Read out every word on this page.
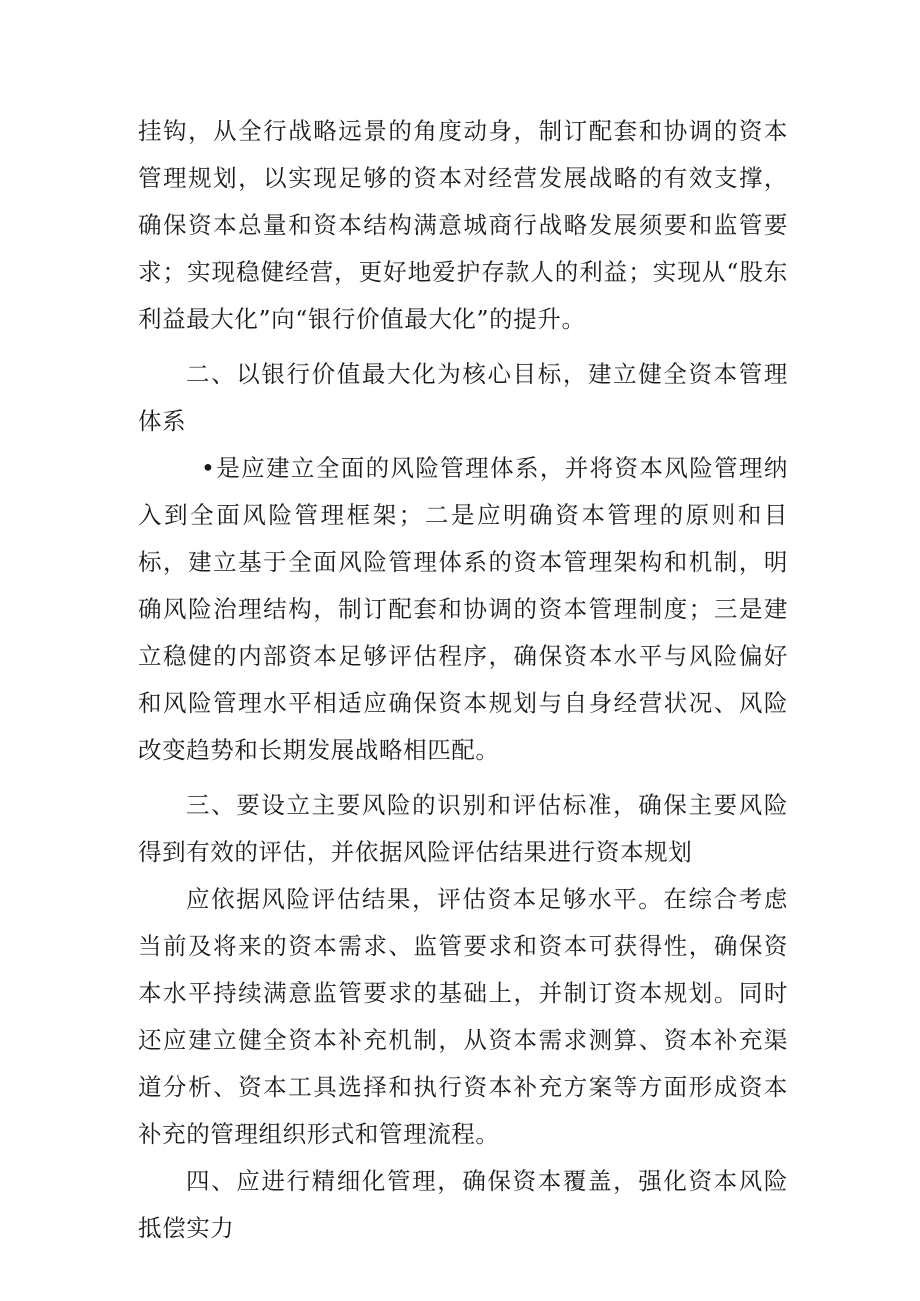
挂钩，从全行战略远景的角度动身，制订配套和协调的资本管理规划，以实现足够的资本对经营发展战略的有效支撑，确保资本总量和资本结构满意城商行战略发展须要和监管要求；实现稳健经营，更好地爱护存款人的利益；实现从“股东利益最大化”向“银行价值最大化”的提升。

二、以银行价值最大化为核心目标，建立健全资本管理体系

•是应建立全面的风险管理体系，并将资本风险管理纳入到全面风险管理框架；二是应明确资本管理的原则和目标，建立基于全面风险管理体系的资本管理架构和机制，明确风险治理结构，制订配套和协调的资本管理制度；三是建立稳健的内部资本足够评估程序，确保资本水平与风险偏好和风险管理水平相适应确保资本规划与自身经营状况、风险改变趋势和长期发展战略相匹配。

三、要设立主要风险的识别和评估标准，确保主要风险得到有效的评估，并依据风险评估结果进行资本规划

应依据风险评估结果，评估资本足够水平。在综合考虑当前及将来的资本需求、监管要求和资本可获得性，确保资本水平持续满意监管要求的基础上，并制订资本规划。同时还应建立健全资本补充机制，从资本需求测算、资本补充渠道分析、资本工具选择和执行资本补充方案等方面形成资本补充的管理组织形式和管理流程。

四、应进行精细化管理，确保资本覆盖，强化资本风险抵偿实力
